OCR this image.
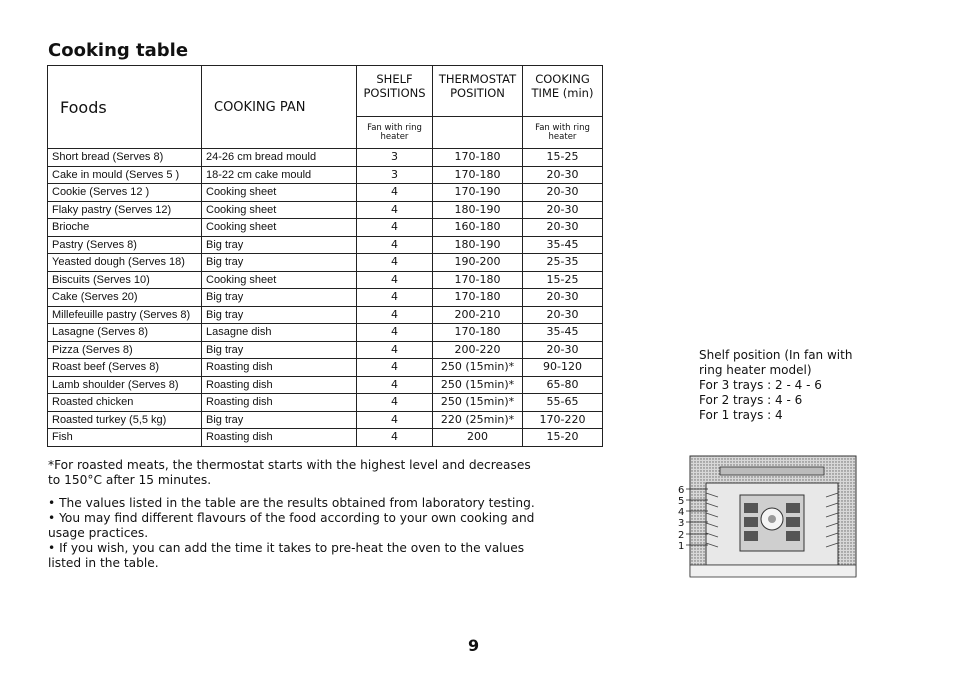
Cooking table
Foods	COOKING PAN	SHELF POSITIONS	THERMOSTAT POSITION	COOKING TIME (min)
		Fan with ring heater		Fan with ring heater
Short bread (Serves 8)	24-26 cm bread mould	3	170-180	15-25
Cake in mould (Serves 5 )	18-22 cm cake mould	3	170-180	20-30
Cookie (Serves 12 )	Cooking sheet	4	170-190	20-30
Flaky pastry (Serves 12)	Cooking sheet	4	180-190	20-30
Brioche	Cooking sheet	4	160-180	20-30
Pastry (Serves 8)	Big tray	4	180-190	35-45
Yeasted dough (Serves 18)	Big tray	4	190-200	25-35
Biscuits (Serves 10)	Cooking sheet	4	170-180	15-25
Cake (Serves 20)	Big tray	4	170-180	20-30
Millefeuille pastry (Serves 8)	Big tray	4	200-210	20-30
Lasagne (Serves 8)	Lasagne dish	4	170-180	35-45
Pizza (Serves 8)	Big tray	4	200-220	20-30
Roast beef (Serves 8)	Roasting dish	4	250 (15min)*	90-120
Lamb shoulder (Serves 8)	Roasting dish	4	250 (15min)*	65-80
Roasted chicken	Roasting dish	4	250 (15min)*	55-65
Roasted turkey (5,5 kg)	Big tray	4	220 (25min)*	170-220
Fish	Roasting dish	4	200	15-20

*For roasted meats, the thermostat starts with the highest level and decreases to 150°C after 15 minutes.

• The values listed in the table are the results obtained from laboratory testing.

• You may find different flavours of the food according to your own cooking and usage practices.

• If you wish, you can add the time it takes to pre-heat the oven to the values listed in the table.

Shelf position (In fan with
ring heater model)
For 3 trays : 2 - 4 - 6
For 2 trays : 4 - 6
For 1 trays : 4
6
5
4
3
2
1
9
